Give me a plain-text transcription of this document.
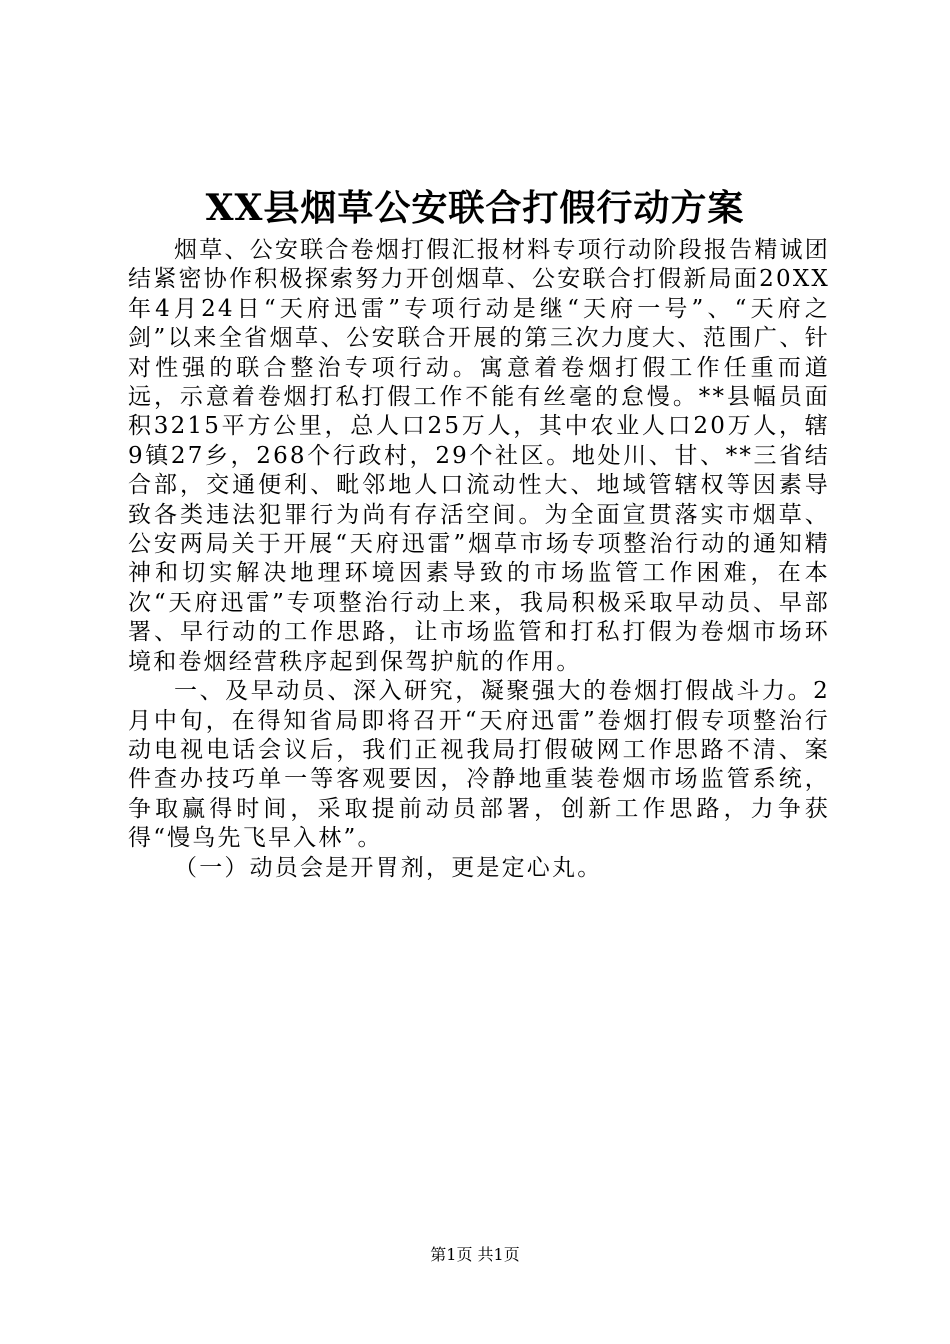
XX县烟草公安联合打假行动方案

烟草、公安联合卷烟打假汇报材料专项行动阶段报告精诚团结紧密协作积极探索努力开创烟草、公安联合打假新局面20XX年4月24日“天府迅雷”专项行动是继“天府一号”、“天府之剑”以来全省烟草、公安联合开展的第三次力度大、范围广、针对性强的联合整治专项行动。寓意着卷烟打假工作任重而道远，示意着卷烟打私打假工作不能有丝毫的怠慢。**县幅员面积3215平方公里，总人口25万人，其中农业人口20万人，辖9镇27乡，268个行政村，29个社区。地处川、甘、**三省结合部，交通便利、毗邻地人口流动性大、地域管辖权等因素导致各类违法犯罪行为尚有存活空间。为全面宣贯落实市烟草、公安两局关于开展“天府迅雷”烟草市场专项整治行动的通知精神和切实解决地理环境因素导致的市场监管工作困难，在本次“天府迅雷”专项整治行动上来，我局积极采取早动员、早部署、早行动的工作思路，让市场监管和打私打假为卷烟市场环境和卷烟经营秩序起到保驾护航的作用。

一、及早动员、深入研究，凝聚强大的卷烟打假战斗力。2月中旬，在得知省局即将召开“天府迅雷”卷烟打假专项整治行动电视电话会议后，我们正视我局打假破网工作思路不清、案件查办技巧单一等客观要因，冷静地重装卷烟市场监管系统，争取赢得时间，采取提前动员部署，创新工作思路，力争获得“慢鸟先飞早入林”。

（一）动员会是开胃剂，更是定心丸。

第1页 共1页
